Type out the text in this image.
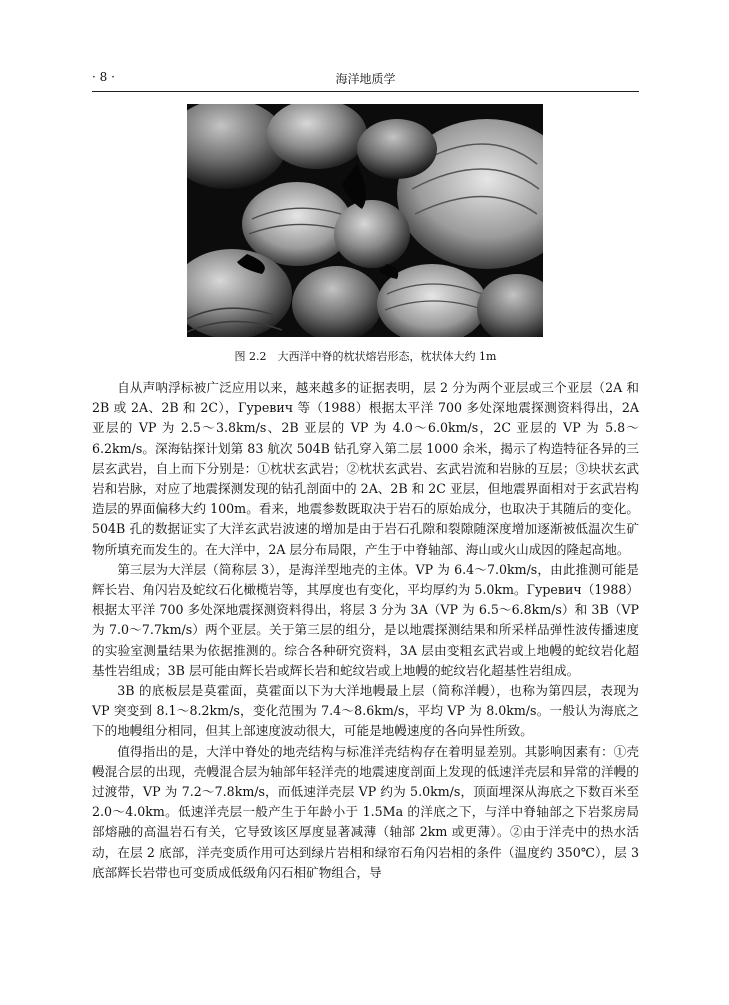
· 8 ·	海洋地质学
图 2.2　大西洋中脊的枕状熔岩形态，枕状体大约 1m

自从声呐浮标被广泛应用以来，越来越多的证据表明，层 2 分为两个亚层或三个亚层（2A 和 2B 或 2A、2B 和 2C），Гуревич 等（1988）根据太平洋 700 多处深地震探测资料得出，2A 亚层的 VP 为 2.5～3.8km/s、2B 亚层的 VP 为 4.0～6.0km/s，2C 亚层的 VP 为 5.8～6.2km/s。深海钻探计划第 83 航次 504B 钻孔穿入第二层 1000 余米，揭示了构造特征各异的三层玄武岩，自上而下分别是：①枕状玄武岩；②枕状玄武岩、玄武岩流和岩脉的互层；③块状玄武岩和岩脉，对应了地震探测发现的钻孔剖面中的 2A、2B 和 2C 亚层，但地震界面相对于玄武岩构造层的界面偏移大约 100m。看来，地震参数既取决于岩石的原始成分，也取决于其随后的变化。504B 孔的数据证实了大洋玄武岩波速的增加是由于岩石孔隙和裂隙随深度增加逐渐被低温次生矿物所填充而发生的。在大洋中，2A 层分布局限，产生于中脊轴部、海山或火山成因的隆起高地。

第三层为大洋层（简称层 3），是海洋型地壳的主体。VP 为 6.4～7.0km/s，由此推测可能是辉长岩、角闪岩及蛇纹石化橄榄岩等，其厚度也有变化，平均厚约为 5.0km。Гуревич（1988）根据太平洋 700 多处深地震探测资料得出，将层 3 分为 3A（VP 为 6.5～6.8km/s）和 3B（VP 为 7.0～7.7km/s）两个亚层。关于第三层的组分，是以地震探测结果和所采样品弹性波传播速度的实验室测量结果为依据推测的。综合各种研究资料，3A 层由变粗玄武岩或上地幔的蛇纹岩化超基性岩组成；3B 层可能由辉长岩或辉长岩和蛇纹岩或上地幔的蛇纹岩化超基性岩组成。

3B 的底板层是莫霍面，莫霍面以下为大洋地幔最上层（简称洋幔），也称为第四层，表现为 VP 突变到 8.1～8.2km/s，变化范围为 7.4～8.6km/s，平均 VP 为 8.0km/s。一般认为海底之下的地幔组分相同，但其上部速度波动很大，可能是地幔速度的各向异性所致。

值得指出的是，大洋中脊处的地壳结构与标准洋壳结构存在着明显差别。其影响因素有：①壳幔混合层的出现，壳幔混合层为轴部年轻洋壳的地震速度剖面上发现的低速洋壳层和异常的洋幔的过渡带，VP 为 7.2～7.8km/s，而低速洋壳层 VP 约为 5.0km/s，顶面埋深从海底之下数百米至 2.0～4.0km。低速洋壳层一般产生于年龄小于 1.5Ma 的洋底之下，与洋中脊轴部之下岩浆房局部熔融的高温岩石有关，它导致该区厚度显著减薄（轴部 2km 或更薄）。②由于洋壳中的热水活动，在层 2 底部，洋壳变质作用可达到绿片岩相和绿帘石角闪岩相的条件（温度约 350℃），层 3 底部辉长岩带也可变质成低级角闪石相矿物组合，导
